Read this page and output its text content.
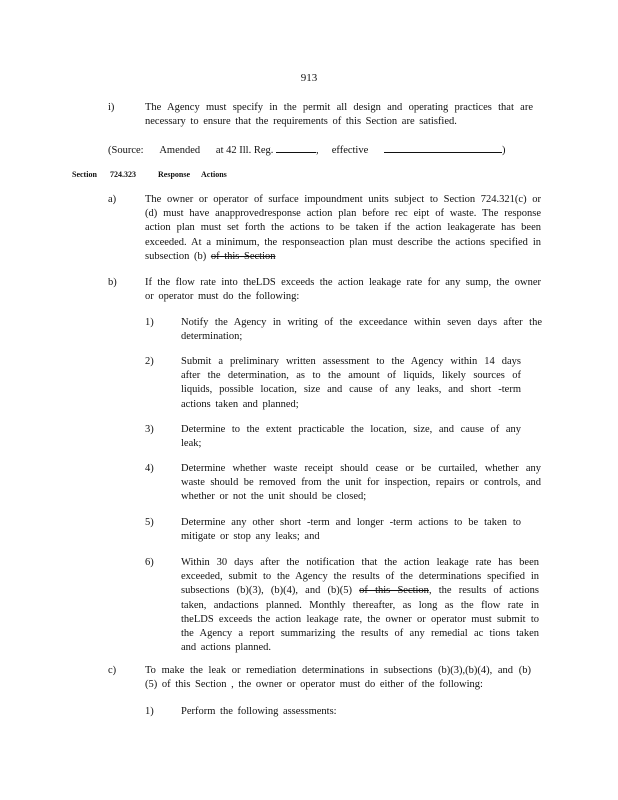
913
i)	The Agency must specify in the permit all design and operating practices that are necessary to ensure that the requirements of this Section are satisfied.
(Source: Amended at 42 Ill. Reg.	, effective	)
Section 724.323	Response Actions
a)	The owner or operator of surface impoundment units subject to Section 724.321(c) or (d) must have anapprovedresponse action plan before rec eipt of waste. The response action plan must set forth the actions to be taken if the action leakagerate has been exceeded. At a minimum, the responseaction plan must describe the actions specified in subsection (b) of this Section
b)	If the flow rate into theLDS exceeds the action leakage rate for any sump, the owner or operator must do the following:
1)	Notify the Agency in writing of the exceedance within seven days after the determination;
2)	Submit a preliminary written assessment to the Agency within 14 days after the determination, as to the amount of liquids, likely sources of liquids, possible location, size and cause of any leaks, and short -term actions taken and planned;
3)	Determine to the extent practicable the location, size, and cause of any leak;
4)	Determine whether waste receipt should cease or be curtailed, whether any waste should be removed from the unit for inspection, repairs or controls, and whether or not the unit should be closed;
5)	Determine any other short -term and longer -term actions to be taken to mitigate or stop any leaks; and
6)	Within 30 days after the notification that the action leakage rate has been exceeded, submit to the Agency the results of the determinations specified in subsections (b)(3), (b)(4), and (b)(5) of this Section, the results of actions taken, andactions planned. Monthly thereafter, as long as the flow rate in theLDS exceeds the action leakage rate, the owner or operator must submit to the Agency a report summarizing the results of any remedial ac tions taken and actions planned.
c)	To make the leak or remediation determinations in subsections (b)(3),(b)(4), and (b)(5) of this Section , the owner or operator must do either of the following:
1)	Perform the following assessments:
